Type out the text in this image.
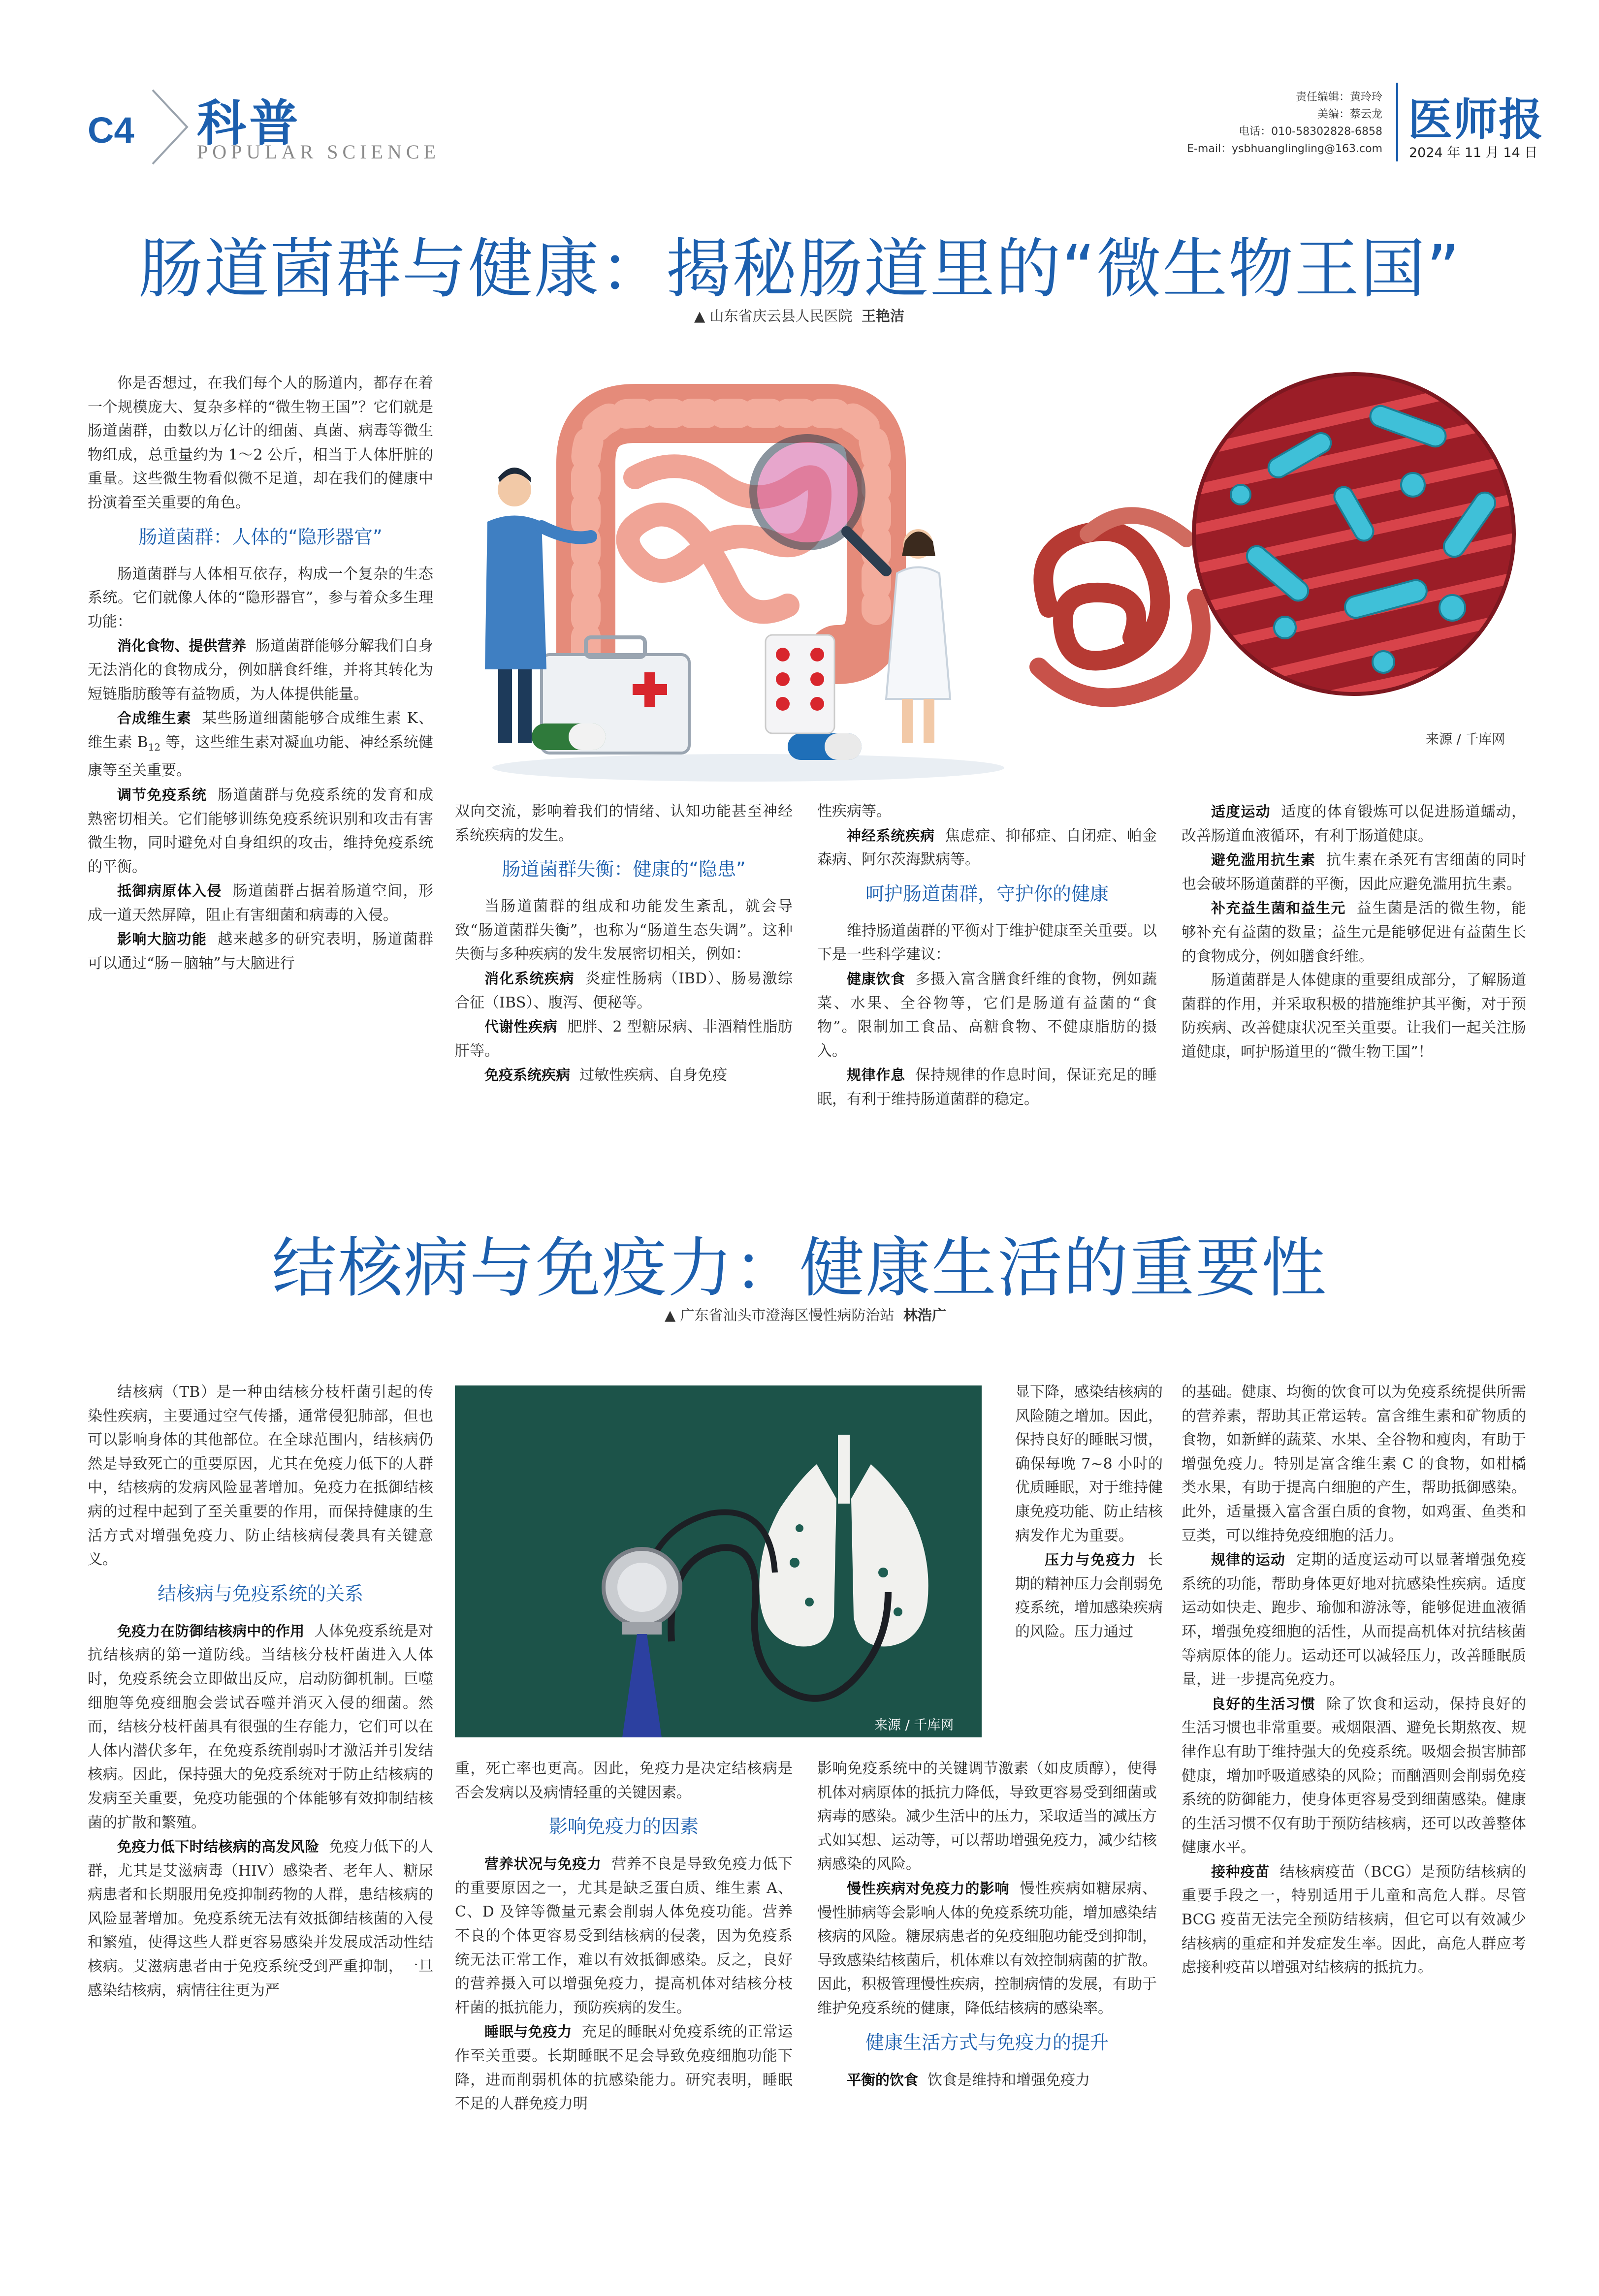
C4 科普
POPULAR SCIENCE
责任编辑：黄玲玲
美编：蔡云龙
电话：010-58302828-6858
E-mail：ysbhuanglingling@163.com
医师报
2024 年 11 月 14 日
肠道菌群与健康：揭秘肠道里的“微生物王国”
▲ 山东省庆云县人民医院 王艳洁
来源 / 千库网

你是否想过，在我们每个人的肠道内，都存在着一个规模庞大、复杂多样的“微生物王国”？它们就是肠道菌群，由数以万亿计的细菌、真菌、病毒等微生物组成，总重量约为 1～2 公斤，相当于人体肝脏的重量。这些微生物看似微不足道，却在我们的健康中扮演着至关重要的角色。

肠道菌群：人体的“隐形器官”

肠道菌群与人体相互依存，构成一个复杂的生态系统。它们就像人体的“隐形器官”，参与着众多生理功能：

消化食物、提供营养 肠道菌群能够分解我们自身无法消化的食物成分，例如膳食纤维，并将其转化为短链脂肪酸等有益物质，为人体提供能量。

合成维生素 某些肠道细菌能够合成维生素 K、维生素 $B_{12}$ 等，这些维生素对凝血功能、神经系统健康等至关重要。

调节免疫系统 肠道菌群与免疫系统的发育和成熟密切相关。它们能够训练免疫系统识别和攻击有害微生物，同时避免对自身组织的攻击，维持免疫系统的平衡。

抵御病原体入侵 肠道菌群占据着肠道空间，形成一道天然屏障，阻止有害细菌和病毒的入侵。

影响大脑功能 越来越多的研究表明，肠道菌群可以通过“肠－脑轴”与大脑进行

双向交流，影响着我们的情绪、认知功能甚至神经系统疾病的发生。

肠道菌群失衡：健康的“隐患”

当肠道菌群的组成和功能发生紊乱，就会导致“肠道菌群失衡”，也称为“肠道生态失调”。这种失衡与多种疾病的发生发展密切相关，例如：

消化系统疾病 炎症性肠病（IBD）、肠易激综合征（IBS）、腹泻、便秘等。

代谢性疾病 肥胖、2 型糖尿病、非酒精性脂肪肝等。

免疫系统疾病 过敏性疾病、自身免疫

性疾病等。

神经系统疾病 焦虑症、抑郁症、自闭症、帕金森病、阿尔茨海默病等。

呵护肠道菌群，守护你的健康

维持肠道菌群的平衡对于维护健康至关重要。以下是一些科学建议：

健康饮食 多摄入富含膳食纤维的食物，例如蔬菜、水果、全谷物等，它们是肠道有益菌的“食物”。限制加工食品、高糖食物、不健康脂肪的摄入。

规律作息 保持规律的作息时间，保证充足的睡眠，有利于维持肠道菌群的稳定。

适度运动 适度的体育锻炼可以促进肠道蠕动，改善肠道血液循环，有利于肠道健康。

避免滥用抗生素 抗生素在杀死有害细菌的同时也会破坏肠道菌群的平衡，因此应避免滥用抗生素。

补充益生菌和益生元 益生菌是活的微生物，能够补充有益菌的数量；益生元是能够促进有益菌生长的食物成分，例如膳食纤维。

肠道菌群是人体健康的重要组成部分，了解肠道菌群的作用，并采取积极的措施维护其平衡，对于预防疾病、改善健康状况至关重要。让我们一起关注肠道健康，呵护肠道里的“微生物王国”！

结核病与免疫力：健康生活的重要性
▲ 广东省汕头市澄海区慢性病防治站 林浩广
来源 / 千库网

结核病（TB）是一种由结核分枝杆菌引起的传染性疾病，主要通过空气传播，通常侵犯肺部，但也可以影响身体的其他部位。在全球范围内，结核病仍然是导致死亡的重要原因，尤其在免疫力低下的人群中，结核病的发病风险显著增加。免疫力在抵御结核病的过程中起到了至关重要的作用，而保持健康的生活方式对增强免疫力、防止结核病侵袭具有关键意义。

结核病与免疫系统的关系

免疫力在防御结核病中的作用 人体免疫系统是对抗结核病的第一道防线。当结核分枝杆菌进入人体时，免疫系统会立即做出反应，启动防御机制。巨噬细胞等免疫细胞会尝试吞噬并消灭入侵的细菌。然而，结核分枝杆菌具有很强的生存能力，它们可以在人体内潜伏多年，在免疫系统削弱时才激活并引发结核病。因此，保持强大的免疫系统对于防止结核病的发病至关重要，免疫功能强的个体能够有效抑制结核菌的扩散和繁殖。

免疫力低下时结核病的高发风险 免疫力低下的人群，尤其是艾滋病毒（HIV）感染者、老年人、糖尿病患者和长期服用免疫抑制药物的人群，患结核病的风险显著增加。免疫系统无法有效抵御结核菌的入侵和繁殖，使得这些人群更容易感染并发展成活动性结核病。艾滋病患者由于免疫系统受到严重抑制，一旦感染结核病，病情往往更为严

重，死亡率也更高。因此，免疫力是决定结核病是否会发病以及病情轻重的关键因素。

影响免疫力的因素

营养状况与免疫力 营养不良是导致免疫力低下的重要原因之一，尤其是缺乏蛋白质、维生素 A、C、D 及锌等微量元素会削弱人体免疫功能。营养不良的个体更容易受到结核病的侵袭，因为免疫系统无法正常工作，难以有效抵御感染。反之，良好的营养摄入可以增强免疫力，提高机体对结核分枝杆菌的抵抗能力，预防疾病的发生。

睡眠与免疫力 充足的睡眠对免疫系统的正常运作至关重要。长期睡眠不足会导致免疫细胞功能下降，进而削弱机体的抗感染能力。研究表明，睡眠不足的人群免疫力明

显下降，感染结核病的风险随之增加。因此，保持良好的睡眠习惯，确保每晚 7~8 小时的优质睡眠，对于维持健康免疫功能、防止结核病发作尤为重要。

压力与免疫力 长期的精神压力会削弱免疫系统，增加感染疾病的风险。压力通过

影响免疫系统中的关键调节激素（如皮质醇），使得机体对病原体的抵抗力降低，导致更容易受到细菌或病毒的感染。减少生活中的压力，采取适当的减压方式如冥想、运动等，可以帮助增强免疫力，减少结核病感染的风险。

慢性疾病对免疫力的影响 慢性疾病如糖尿病、慢性肺病等会影响人体的免疫系统功能，增加感染结核病的风险。糖尿病患者的免疫细胞功能受到抑制，导致感染结核菌后，机体难以有效控制病菌的扩散。因此，积极管理慢性疾病，控制病情的发展，有助于维护免疫系统的健康，降低结核病的感染率。

健康生活方式与免疫力的提升

平衡的饮食 饮食是维持和增强免疫力

的基础。健康、均衡的饮食可以为免疫系统提供所需的营养素，帮助其正常运转。富含维生素和矿物质的食物，如新鲜的蔬菜、水果、全谷物和瘦肉，有助于增强免疫力。特别是富含维生素 C 的食物，如柑橘类水果，有助于提高白细胞的产生，帮助抵御感染。此外，适量摄入富含蛋白质的食物，如鸡蛋、鱼类和豆类，可以维持免疫细胞的活力。

规律的运动 定期的适度运动可以显著增强免疫系统的功能，帮助身体更好地对抗感染性疾病。适度运动如快走、跑步、瑜伽和游泳等，能够促进血液循环，增强免疫细胞的活性，从而提高机体对抗结核菌等病原体的能力。运动还可以减轻压力，改善睡眠质量，进一步提高免疫力。

良好的生活习惯 除了饮食和运动，保持良好的生活习惯也非常重要。戒烟限酒、避免长期熬夜、规律作息有助于维持强大的免疫系统。吸烟会损害肺部健康，增加呼吸道感染的风险；而酗酒则会削弱免疫系统的防御能力，使身体更容易受到细菌感染。健康的生活习惯不仅有助于预防结核病，还可以改善整体健康水平。

接种疫苗 结核病疫苗（BCG）是预防结核病的重要手段之一，特别适用于儿童和高危人群。尽管 BCG 疫苗无法完全预防结核病，但它可以有效减少结核病的重症和并发症发生率。因此，高危人群应考虑接种疫苗以增强对结核病的抵抗力。
